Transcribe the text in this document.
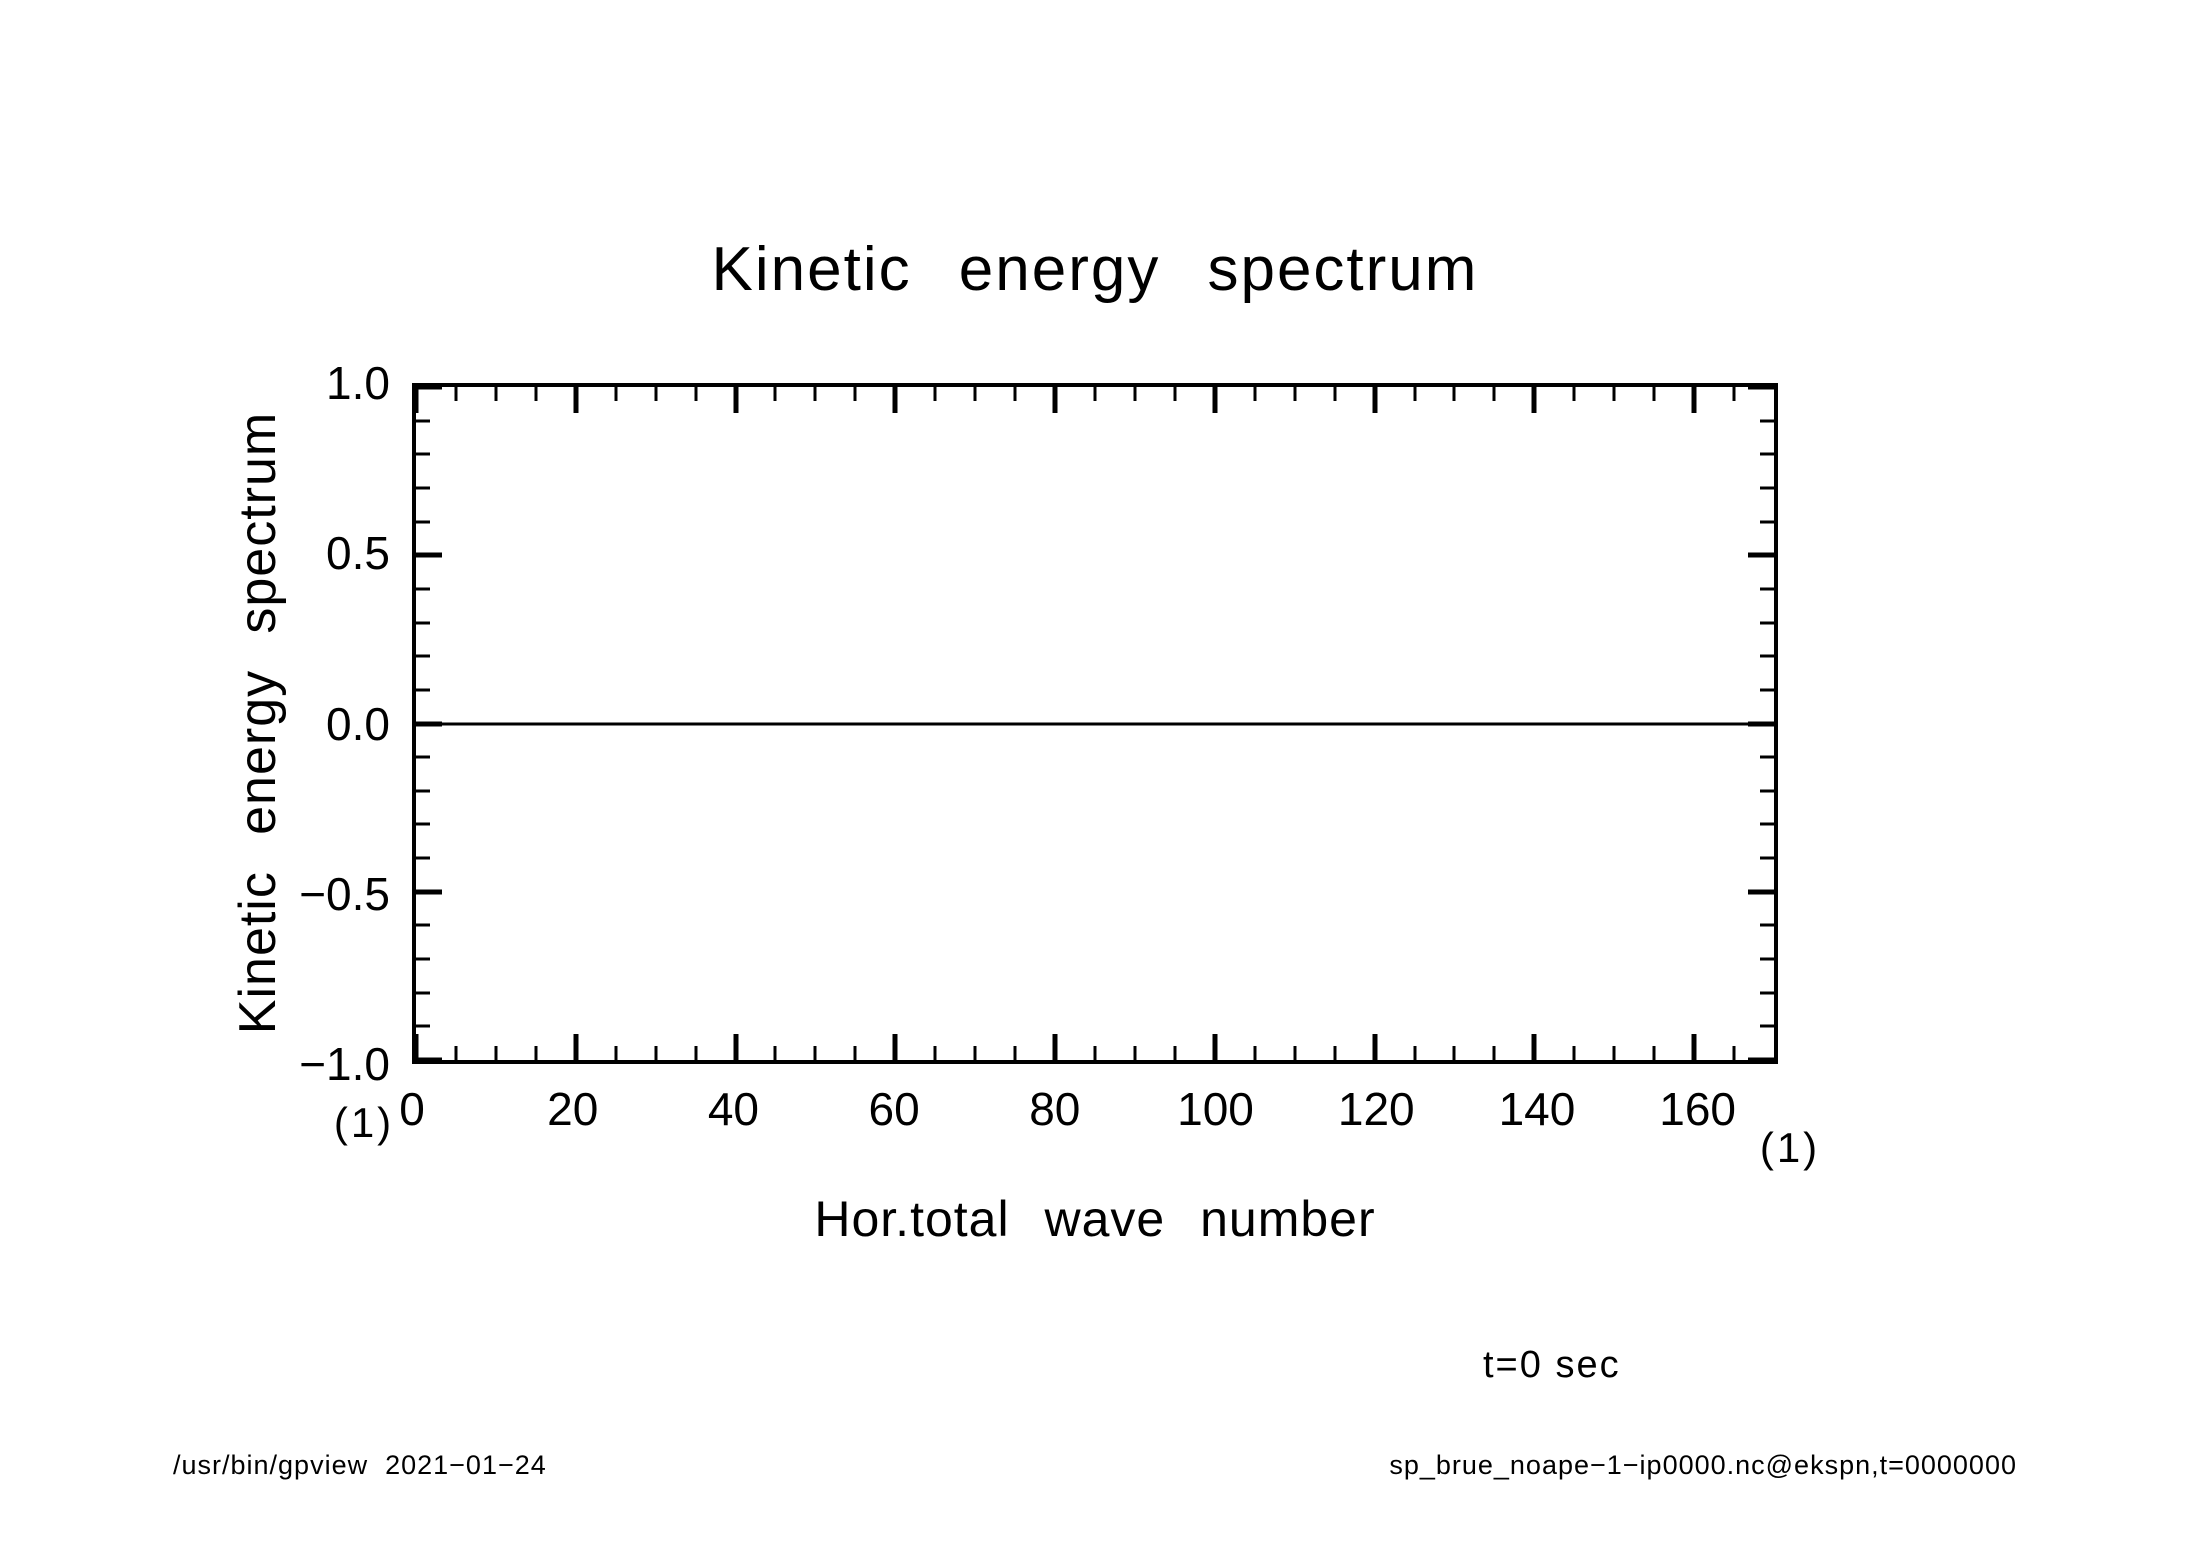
Kinetic energy spectrum
Kinetic energy spectrum
1.0
0.5
0.0
−0.5
−1.0
0	20 40 60 80 100 120 140 160
(1)
(1)
Hor.total wave number
t=0 sec
/usr/bin/gpview  2021−01−24	sp_brue_noape−1−ip0000.nc@ekspn,t=0000000
